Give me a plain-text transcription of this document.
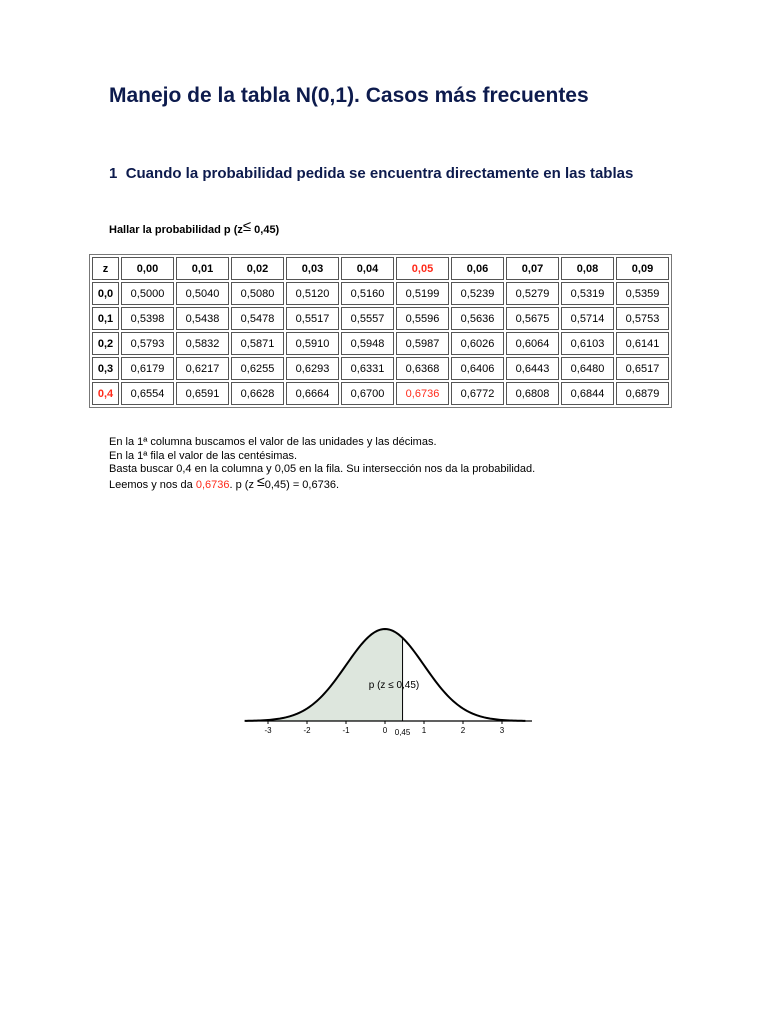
Manejo de la tabla N(0,1). Casos más frecuentes
1 Cuando la probabilidad pedida se encuentra directamente en las tablas
Hallar la probabilidad p (z≤ 0,45)
z	0,00	0,01	0,02	0,03	0,04	0,05	0,06	0,07	0,08	0,09
0,0	0,5000	0,5040	0,5080	0,5120	0,5160	0,5199	0,5239	0,5279	0,5319	0,5359
0,1	0,5398	0,5438	0,5478	0,5517	0,5557	0,5596	0,5636	0,5675	0,5714	0,5753
0,2	0,5793	0,5832	0,5871	0,5910	0,5948	0,5987	0,6026	0,6064	0,6103	0,6141
0,3	0,6179	0,6217	0,6255	0,6293	0,6331	0,6368	0,6406	0,6443	0,6480	0,6517
0,4	0,6554	0,6591	0,6628	0,6664	0,6700	0,6736	0,6772	0,6808	0,6844	0,6879

En la 1ª columna buscamos el valor de las unidades y las décimas.

En la 1ª fila el valor de las centésimas.

Basta buscar 0,4 en la columna y 0,05 en la fila. Su intersección nos da la probabilidad.

Leemos y nos da 0,6736. p (z ≤0,45) = 0,6736.

p (z ≤ 0,45)
-3	-2	-1	0	1	2	3
0,45
